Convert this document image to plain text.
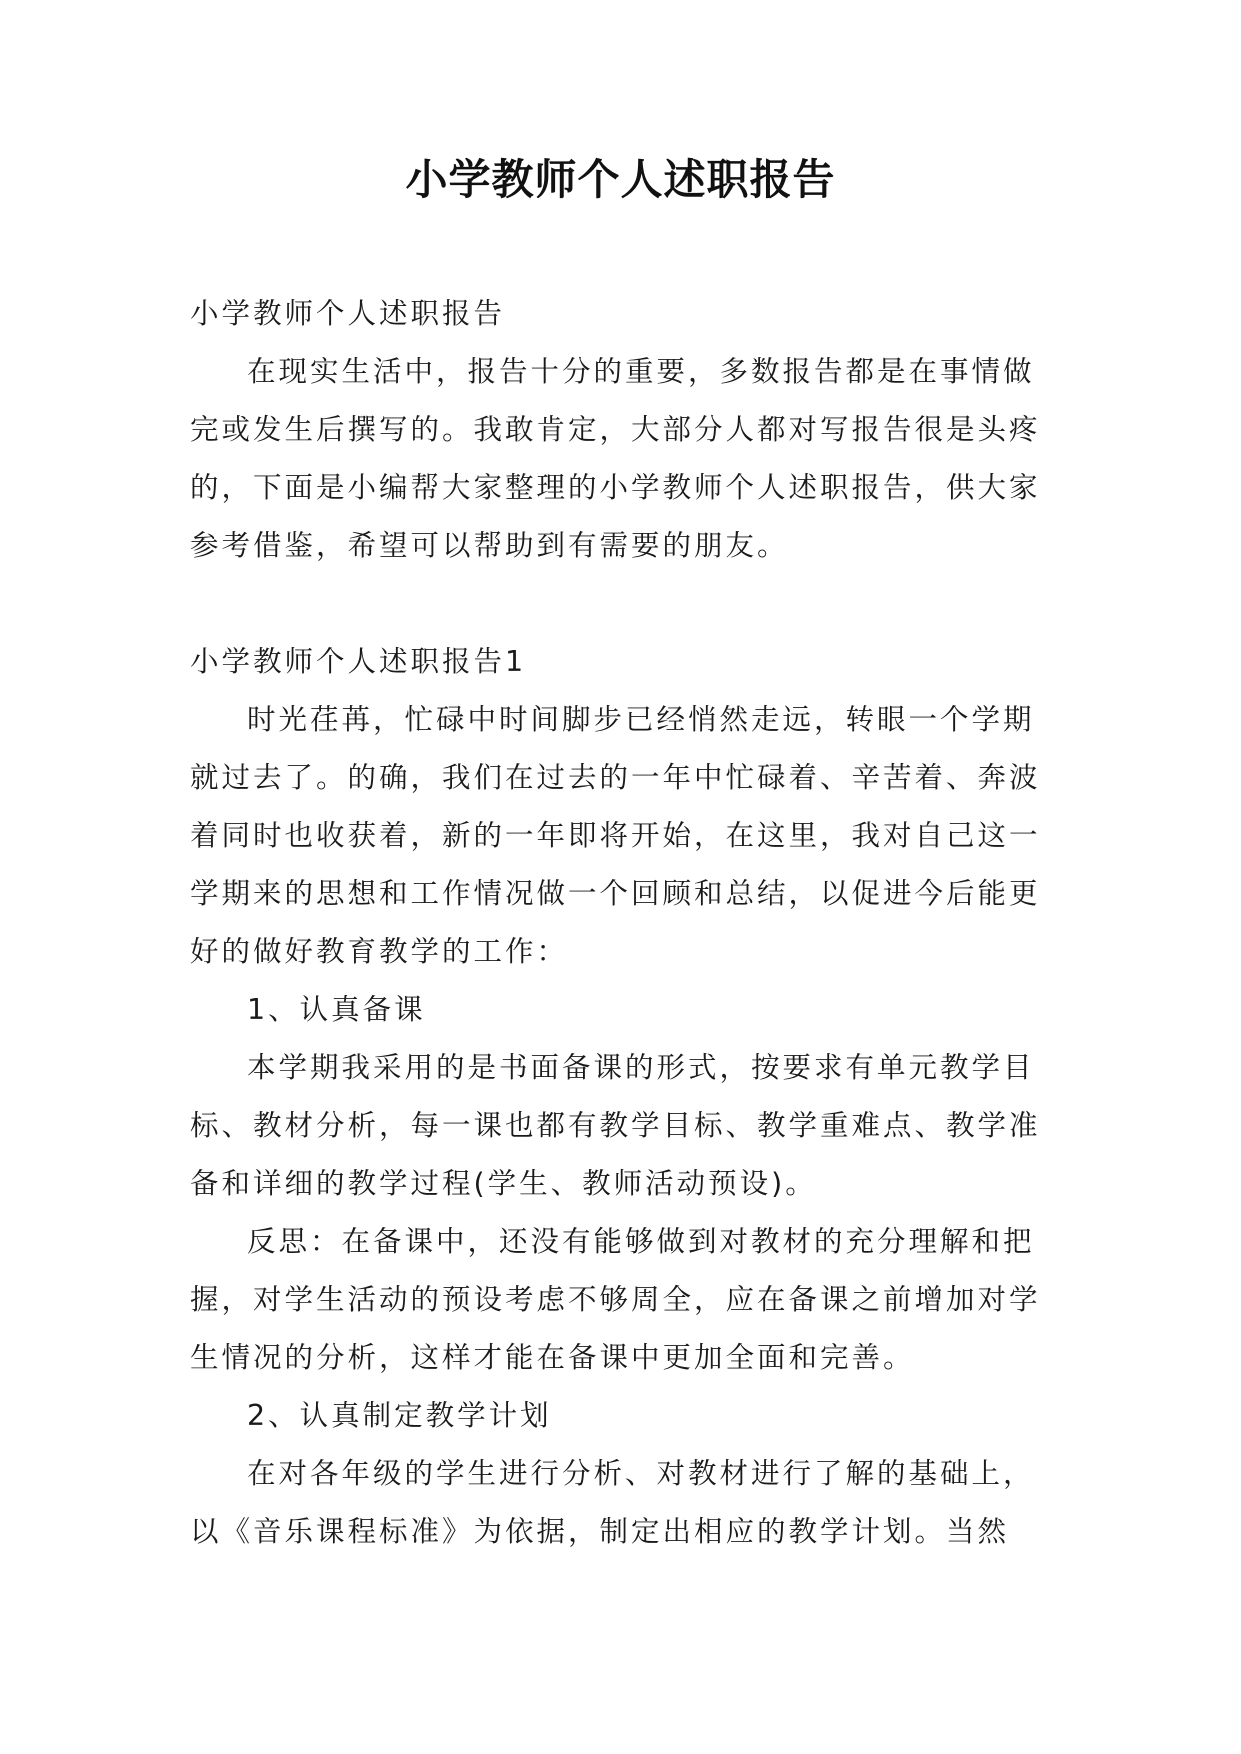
小学教师个人述职报告

小学教师个人述职报告

在现实生活中，报告十分的重要，多数报告都是在事情做完或发生后撰写的。我敢肯定，大部分人都对写报告很是头疼的，下面是小编帮大家整理的小学教师个人述职报告，供大家参考借鉴，希望可以帮助到有需要的朋友。

小学教师个人述职报告1

时光荏苒，忙碌中时间脚步已经悄然走远，转眼一个学期就过去了。的确，我们在过去的一年中忙碌着、辛苦着、奔波着同时也收获着，新的一年即将开始，在这里，我对自己这一学期来的思想和工作情况做一个回顾和总结，以促进今后能更好的做好教育教学的工作：

1、认真备课

本学期我采用的是书面备课的形式，按要求有单元教学目标、教材分析，每一课也都有教学目标、教学重难点、教学准备和详细的教学过程(学生、教师活动预设)。

反思：在备课中，还没有能够做到对教材的充分理解和把握，对学生活动的预设考虑不够周全，应在备课之前增加对学生情况的分析，这样才能在备课中更加全面和完善。

2、认真制定教学计划

在对各年级的学生进行分析、对教材进行了解的基础上，以《音乐课程标准》为依据，制定出相应的教学计划。当然
